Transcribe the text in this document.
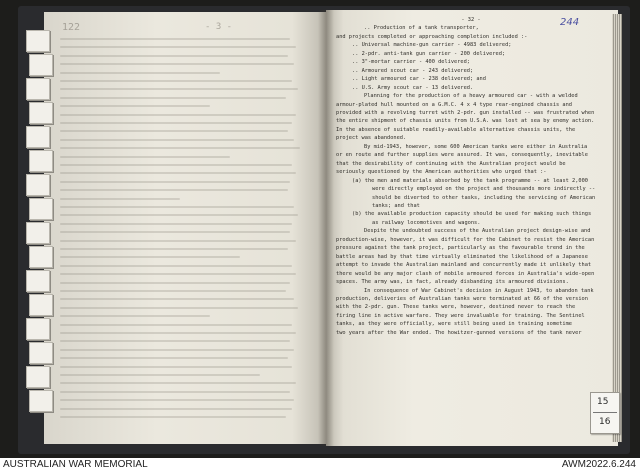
122	- 3 -
- 32 -
.. Production of a tank transporter,
and projects completed or approaching completion included :-
.. Universal machine-gun carrier - 4983 delivered;
.. 2-pdr. anti-tank gun carrier - 200 delivered;
.. 3"-mortar carrier - 400 delivered;
.. Armoured scout car - 243 delivered;
.. Light armoured car - 238 delivered; and
.. U.S. Army scout car - 13 delivered.
Planning for the production of a heavy armoured car - with a welded
armour-plated hull mounted on a G.M.C. 4 x 4 type rear-engined chassis and
provided with a revolving turret with 2-pdr. gun installed -- was frustrated when
the entire shipment of chassis units from U.S.A. was lost at sea by enemy action.
In the absence of suitable readily-available alternative chassis units, the
project was abandoned.
By mid-1943, however, some 600 American tanks were either in Australia
or en route and further supplies were assured. It was, consequently, inevitable
that the desirability of continuing with the Australian project would be
seriously questioned by the American authorities who urged that :-
(a) the men and materials absorbed by the tank programme -- at least 2,000
were directly employed on the project and thousands more indirectly --
should be diverted to other tasks, including the servicing of American
tanks; and that
(b) the available production capacity should be used for making such things
as railway locomotives and wagons.
Despite the undoubted success of the Australian project design-wise and
production-wise, however, it was difficult for the Cabinet to resist the American
pressure against the tank project, particularly as the favourable trend in the
battle areas had by that time virtually eliminated the likelihood of a Japanese
attempt to invade the Australian mainland and concurrently made it unlikely that
there would be any major clash of mobile armoured forces in Australia's wide-open
spaces. The army was, in fact, already disbanding its armoured divisions.
In consequence of War Cabinet's decision in August 1943, to abandon tank
production, deliveries of Australian tanks were terminated at 66 of the version
with the 2-pdr. gun. These tanks were, however, destined never to reach the
firing line in active warfare. They were invaluable for training. The Sentinel
tanks, as they were officially, were still being used in training sometime
two years after the War ended. The howitzer-gunned versions of the tank never
244
15
16
AUSTRALIAN WAR MEMORIAL	AWM2022.6.244
